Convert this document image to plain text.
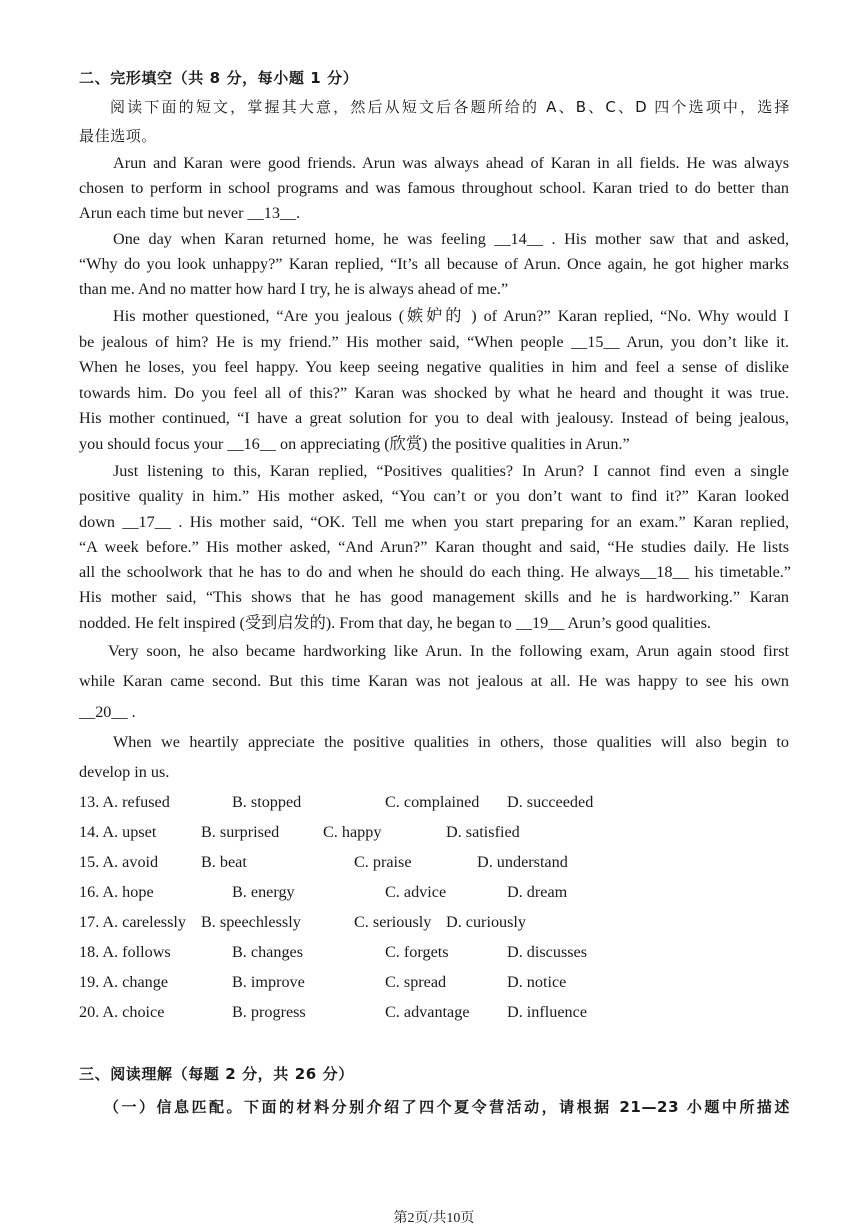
二、完形填空（共 8 分，每小题 1 分）
阅读下面的短文，掌握其大意，然后从短文后各题所给的 A、B、C、D 四个选项中，选择
最佳选项。
Arun and Karan were good friends. Arun was always ahead of Karan in all fields. He was always
chosen to perform in school programs and was famous throughout school. Karan tried to do better than
Arun each time but never __13__.
One day when Karan returned home, he was feeling __14__ . His mother saw that and asked,
“Why do you look unhappy?” Karan replied, “It’s all because of Arun. Once again, he got higher marks
than me. And no matter how hard I try, he is always ahead of me.”
His mother questioned, “Are you jealous (嫉妒的 ) of Arun?” Karan replied, “No. Why would I
be jealous of him? He is my friend.” His mother said, “When people __15__ Arun, you don’t like it.
When he loses, you feel happy. You keep seeing negative qualities in him and feel a sense of dislike
towards him. Do you feel all of this?” Karan was shocked by what he heard and thought it was true.
His mother continued, “I have a great solution for you to deal with jealousy. Instead of being jealous,
you should focus your __16__ on appreciating (欣赏) the positive qualities in Arun.”
Just listening to this, Karan replied, “Positives qualities? In Arun? I cannot find even a single
positive quality in him.” His mother asked, “You can’t or you don’t want to find it?” Karan looked
down __17__ . His mother said, “OK. Tell me when you start preparing for an exam.” Karan replied,
“A week before.” His mother asked, “And Arun?” Karan thought and said, “He studies daily. He lists
all the schoolwork that he has to do and when he should do each thing. He always__18__ his timetable.”
His mother said, “This shows that he has good management skills and he is hardworking.” Karan
nodded. He felt inspired (受到启发的). From that day, he began to __19__ Arun’s good qualities.
Very soon, he also became hardworking like Arun. In the following exam, Arun again stood first
while Karan came second. But this time Karan was not jealous at all. He was happy to see his own
__20__ .
When we heartily appreciate the positive qualities in others, those qualities will also begin to
develop in us.
13. A. refused	B. stopped	C. complained D. succeeded
14. A. upset	B. surprised	C. happy	D. satisfied
15. A. avoid	B. beat	C. praise	D. understand
16. A. hope	B. energy	C. advice	D. dream
17. A. carelessly B. speechlessly	C. seriously D. curiously
18. A. follows	B. changes	C. forgets	D. discusses
19. A. change	B. improve	C. spread	D. notice
20. A. choice	B. progress	C. advantage D. influence
三、阅读理解（每题 2 分，共 26 分）
（一）信息匹配。下面的材料分别介绍了四个夏令营活动，请根据 21—23 小题中所描述
第2页/共10页
